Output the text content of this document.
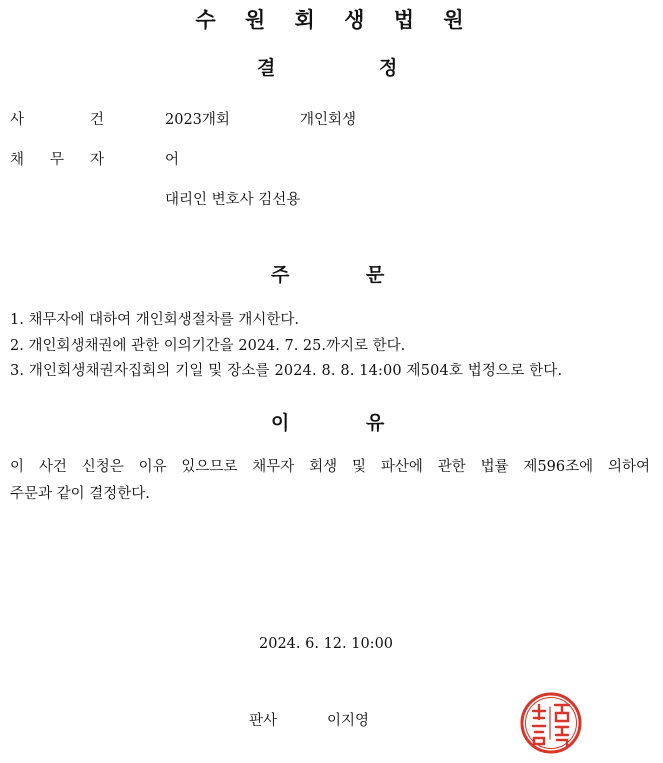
수 원 회 생 법 원
결	정
사	건	2023개회	개인회생
채 무 자	어
대리인 변호사 김선용
주	문
1. 채무자에 대하여 개인회생절차를 개시한다.
2. 개인회생채권에 관한 이의기간을 2024. 7. 25.까지로 한다.
3. 개인회생채권자집회의 기일 및 장소를 2024. 8. 8. 14:00 제504호 법정으로 한다.
이	유
이 사건 신청은 이유 있으므로 채무자 회생 및 파산에 관한 법률 제596조에 의하여
주문과 같이 결정한다.
2024. 6. 12. 10:00
판사	이지영
